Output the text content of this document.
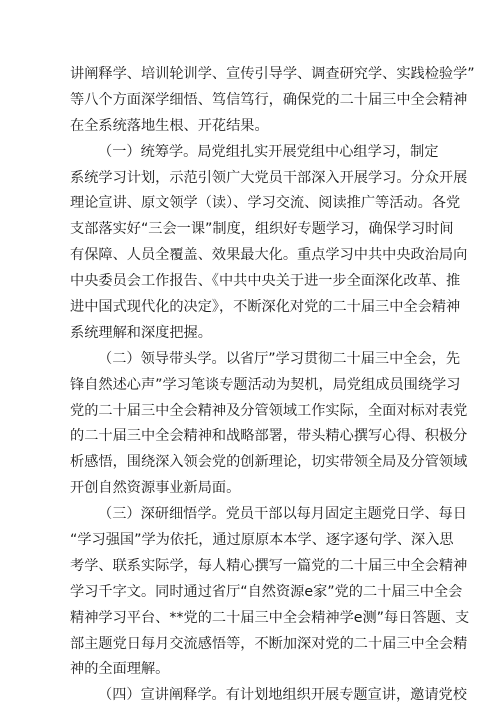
讲阐释学、培训轮训学、宣传引导学、调查研究学、实践检验学”
等八个方面深学细悟、笃信笃行，确保党的二十届三中全会精神
在全系统落地生根、开花结果。
（一）统筹学。局党组扎实开展党组中心组学习，制定
系统学习计划，示范引领广大党员干部深入开展学习。分众开展
理论宣讲、原文领学（读）、学习交流、阅读推广等活动。各党
支部落实好“三会一课”制度，组织好专题学习，确保学习时间
有保障、人员全覆盖、效果最大化。重点学习中共中央政治局向
中央委员会工作报告、《中共中央关于进一步全面深化改革、推
进中国式现代化的决定》，不断深化对党的二十届三中全会精神
系统理解和深度把握。
（二）领导带头学。以省厅”学习贯彻二十届三中全会，先
锋自然述心声”学习笔谈专题活动为契机，局党组成员围绕学习
党的二十届三中全会精神及分管领域工作实际，全面对标对表党
的二十届三中全会精神和战略部署，带头精心撰写心得、积极分
析感悟，围绕深入领会党的创新理论，切实带领全局及分管领域
开创自然资源事业新局面。
（三）深研细悟学。党员干部以每月固定主题党日学、每日
“学习强国”学为依托，通过原原本本学、逐字逐句学、深入思
考学、联系实际学，每人精心撰写一篇党的二十届三中全会精神
学习千字文。同时通过省厅“自然资源e家”党的二十届三中全会
精神学习平台、**党的二十届三中全会精神学e测”每日答题、支
部主题党日每月交流感悟等，不断加深对党的二十届三中全会精
神的全面理解。
（四）宣讲阐释学。有计划地组织开展专题宣讲，邀请党校
